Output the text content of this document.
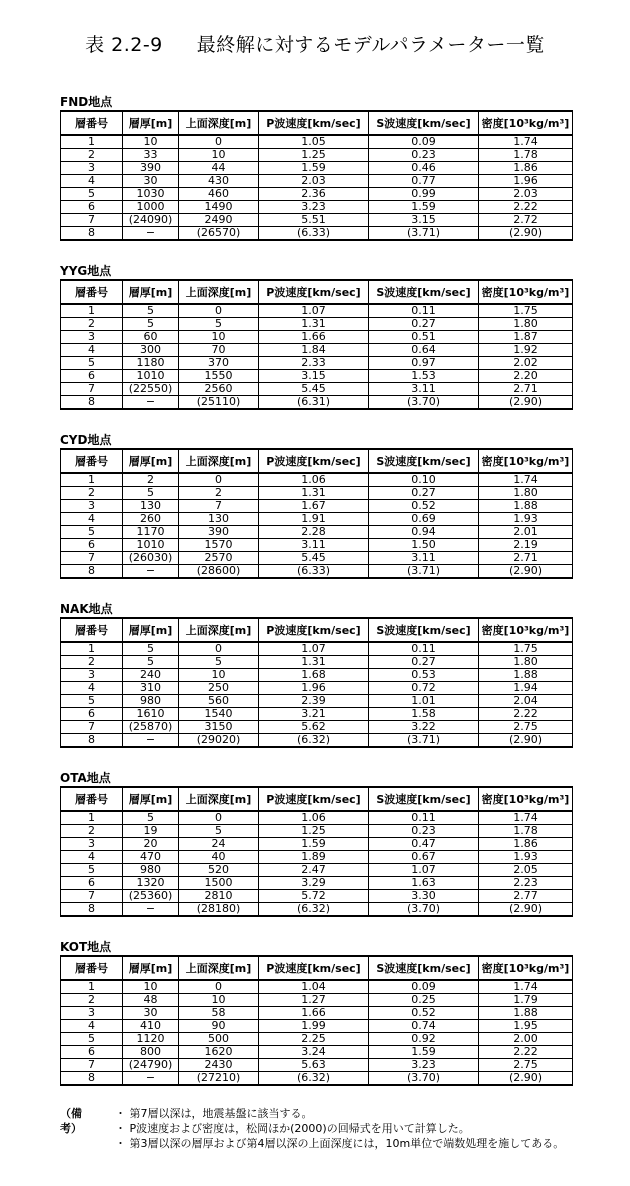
表 2.2-9 最終解に対するモデルパラメーター一覧
FND地点
層番号	層厚[m]	上面深度[m]	P波速度[km/sec]	S波速度[km/sec]	密度[10³kg/m³]
1	10	0	1.05	0.09	1.74
2	33	10	1.25	0.23	1.78
3	390	44	1.59	0.46	1.86
4	30	430	2.03	0.77	1.96
5	1030	460	2.36	0.99	2.03
6	1000	1490	3.23	1.59	2.22
7	(24090)	2490	5.51	3.15	2.72
8	−	(26570)	(6.33)	(3.71)	(2.90)
YYG地点
層番号	層厚[m]	上面深度[m]	P波速度[km/sec]	S波速度[km/sec]	密度[10³kg/m³]
1	5	0	1.07	0.11	1.75
2	5	5	1.31	0.27	1.80
3	60	10	1.66	0.51	1.87
4	300	70	1.84	0.64	1.92
5	1180	370	2.33	0.97	2.02
6	1010	1550	3.15	1.53	2.20
7	(22550)	2560	5.45	3.11	2.71
8	−	(25110)	(6.31)	(3.70)	(2.90)
CYD地点
層番号	層厚[m]	上面深度[m]	P波速度[km/sec]	S波速度[km/sec]	密度[10³kg/m³]
1	2	0	1.06	0.10	1.74
2	5	2	1.31	0.27	1.80
3	130	7	1.67	0.52	1.88
4	260	130	1.91	0.69	1.93
5	1170	390	2.28	0.94	2.01
6	1010	1570	3.11	1.50	2.19
7	(26030)	2570	5.45	3.11	2.71
8	−	(28600)	(6.33)	(3.71)	(2.90)
NAK地点
層番号	層厚[m]	上面深度[m]	P波速度[km/sec]	S波速度[km/sec]	密度[10³kg/m³]
1	5	0	1.07	0.11	1.75
2	5	5	1.31	0.27	1.80
3	240	10	1.68	0.53	1.88
4	310	250	1.96	0.72	1.94
5	980	560	2.39	1.01	2.04
6	1610	1540	3.21	1.58	2.22
7	(25870)	3150	5.62	3.22	2.75
8	−	(29020)	(6.32)	(3.71)	(2.90)
OTA地点
層番号	層厚[m]	上面深度[m]	P波速度[km/sec]	S波速度[km/sec]	密度[10³kg/m³]
1	5	0	1.06	0.11	1.74
2	19	5	1.25	0.23	1.78
3	20	24	1.59	0.47	1.86
4	470	40	1.89	0.67	1.93
5	980	520	2.47	1.07	2.05
6	1320	1500	3.29	1.63	2.23
7	(25360)	2810	5.72	3.30	2.77
8	−	(28180)	(6.32)	(3.70)	(2.90)
KOT地点
層番号	層厚[m]	上面深度[m]	P波速度[km/sec]	S波速度[km/sec]	密度[10³kg/m³]
1	10	0	1.04	0.09	1.74
2	48	10	1.27	0.25	1.79
3	30	58	1.66	0.52	1.88
4	410	90	1.99	0.74	1.95
5	1120	500	2.25	0.92	2.00
6	800	1620	3.24	1.59	2.22
7	(24790)	2430	5.63	3.23	2.75
8	−	(27210)	(6.32)	(3.70)	(2.90)
（備考）
・ 第7層以深は，地震基盤に該当する。
・ P波速度および密度は，松岡ほか(2000)の回帰式を用いて計算した。
・ 第3層以深の層厚および第4層以深の上面深度には，10m単位で端数処理を施してある。
